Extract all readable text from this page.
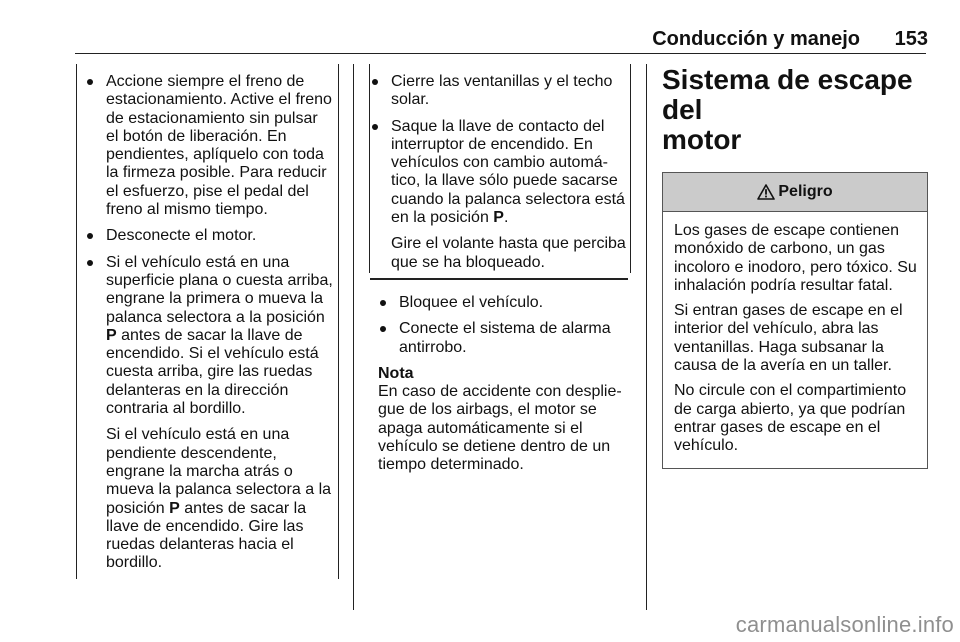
Conducción y manejo	153
Accione siempre el freno de estacionamiento. Active el freno de estacionamiento sin pulsar el botón de liberación. En pendientes, aplíquelo con toda la firmeza posible. Para reducir el esfuerzo, pise el pedal del freno al mismo tiempo.
Desconecte el motor.
Si el vehículo está en una superficie plana o cuesta arriba, engrane la primera o mueva la palanca selectora a la posición P antes de sacar la llave de encendido. Si el vehículo está cuesta arriba, gire las ruedas delanteras en la dirección contraria al bordillo.
Si el vehículo está en una pendiente descendente, engrane la marcha atrás o mueva la palanca selectora a la posición P antes de sacar la llave de encendido. Gire las ruedas delanteras hacia el bordillo.
Cierre las ventanillas y el techo solar.
Saque la llave de contacto del interruptor de encendido. En vehículos con cambio automático, la llave sólo puede sacarse cuando la palanca selectora está en la posición P.
Gire el volante hasta que perciba que se ha bloqueado.
Bloquee el vehículo.
Conecte el sistema de alarma antirrobo.
Nota

En caso de accidente con despliegue de los airbags, el motor se apaga automáticamente si el vehículo se detiene dentro de un tiempo determinado.

Sistema de escape del
motor
Peligro

Los gases de escape contienen monóxido de carbono, un gas incoloro e inodoro, pero tóxico. Su inhalación podría resultar fatal.

Si entran gases de escape en el interior del vehículo, abra las ventanillas. Haga subsanar la causa de la avería en un taller.

No circule con el compartimiento de carga abierto, ya que podrían entrar gases de escape en el vehículo.

carmanualsonline.info
